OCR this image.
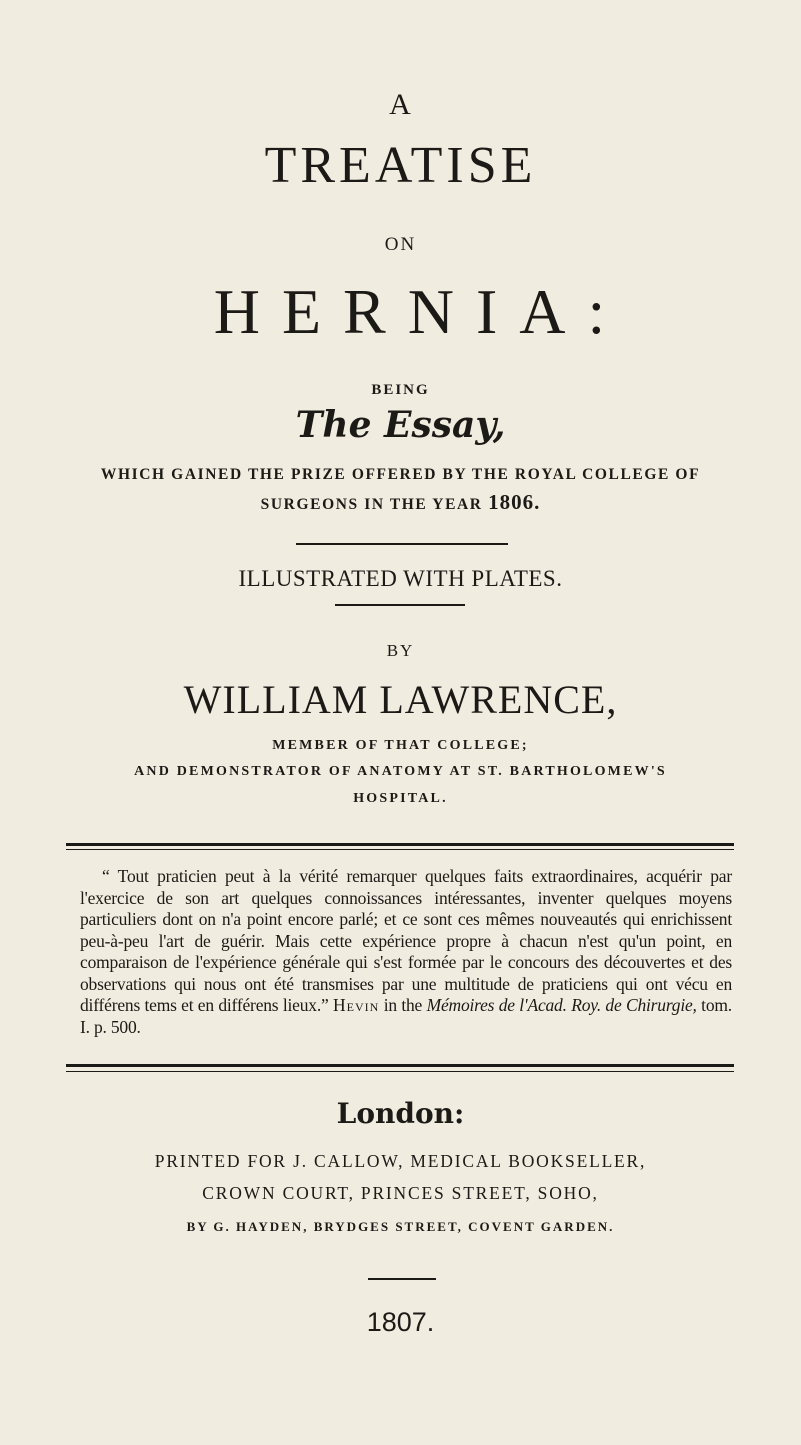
A
TREATISE
ON
HERNIA:
BEING
The Essay,
WHICH GAINED THE PRIZE OFFERED BY THE ROYAL COLLEGE OF
SURGEONS IN THE YEAR 1806.
ILLUSTRATED WITH PLATES.
BY
WILLIAM LAWRENCE,
MEMBER OF THAT COLLEGE;
AND DEMONSTRATOR OF ANATOMY AT ST. BARTHOLOMEW'S
HOSPITAL.
“ Tout praticien peut à la vérité remarquer quelques faits extraordinaires, acquérir par l'exercice de son art quelques connoissances intéressantes, inventer quelques moyens particuliers dont on n'a point encore parlé; et ce sont ces mêmes nouveautés qui enrichissent peu-à-peu l'art de guérir. Mais cette expérience propre à chacun n'est qu'un point, en comparaison de l'expérience générale qui s'est formée par le concours des découvertes et des observations qui nous ont été transmises par une multitude de praticiens qui ont vécu en différens tems et en différens lieux.” Hevin in the Mémoires de l'Acad. Roy. de Chirurgie, tom. I. p. 500.
London:
PRINTED FOR J. CALLOW, MEDICAL BOOKSELLER,
CROWN COURT, PRINCES STREET, SOHO,
BY G. HAYDEN, BRYDGES STREET, COVENT GARDEN.
1807.
